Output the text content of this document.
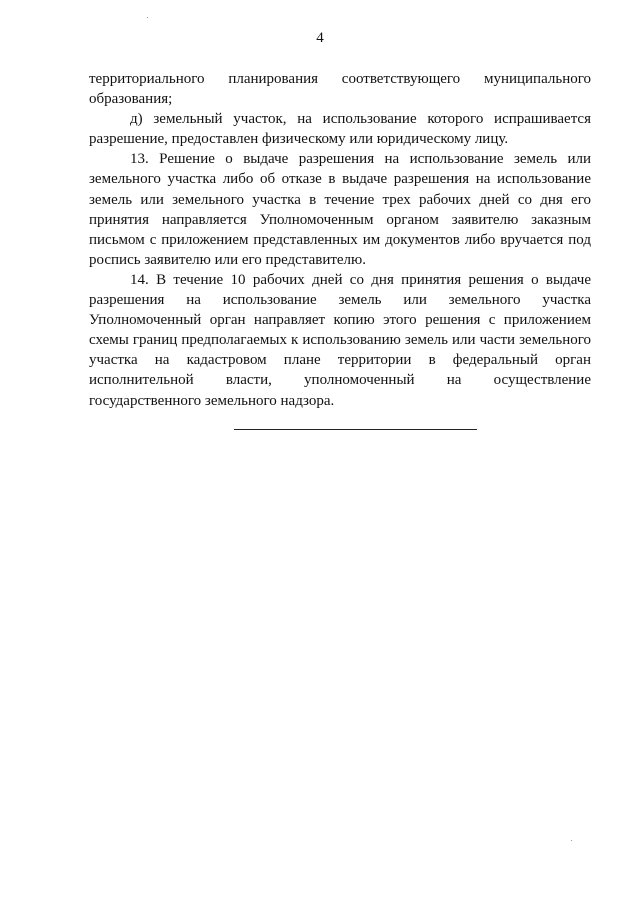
4

территориального планирования соответствующего муниципального образования;

д) земельный участок, на использование которого испрашивается разрешение, предоставлен физическому или юридическому лицу.

13. Решение о выдаче разрешения на использование земель или земельного участка либо об отказе в выдаче разрешения на использование земель или земельного участка в течение трех рабочих дней со дня его принятия направляется Уполномоченным органом заявителю заказным письмом с приложением представленных им документов либо вручается под роспись заявителю или его представителю.

14. В течение 10 рабочих дней со дня принятия решения о выдаче разрешения на использование земель или земельного участка Уполномоченный орган направляет копию этого решения с приложением схемы границ предполагаемых к использованию земель или части земельного участка на кадастровом плане территории в федеральный орган исполнительной власти, уполномоченный на осуществление государственного земельного надзора.
